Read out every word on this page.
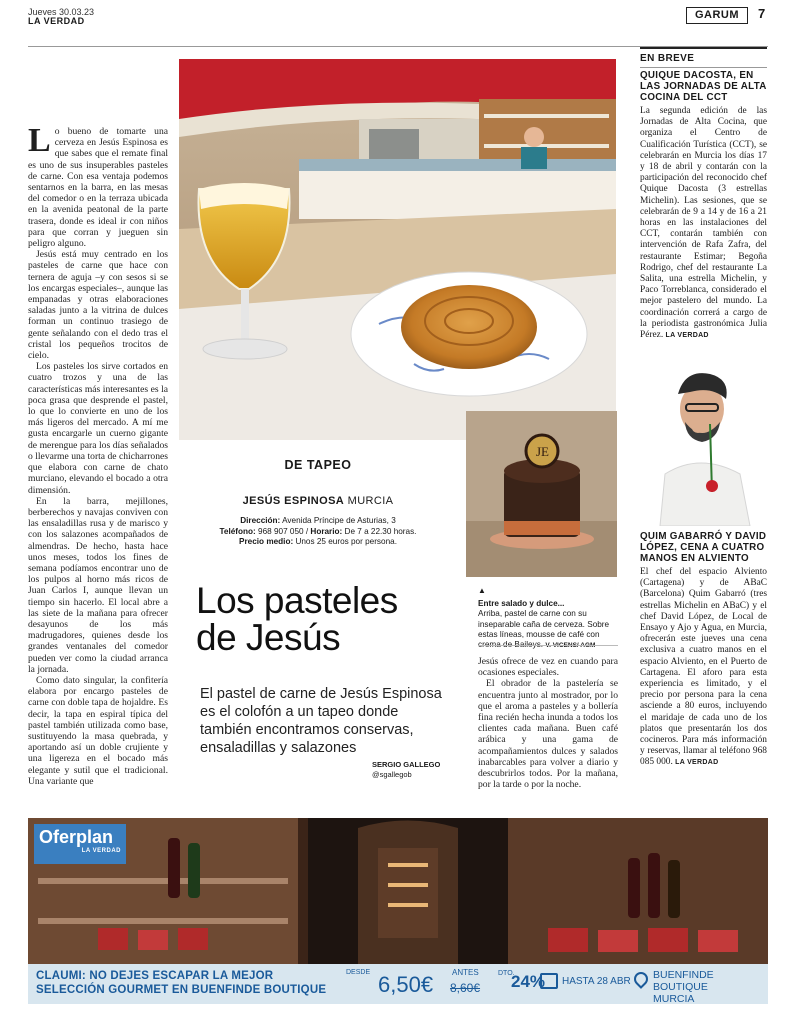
Jueves 30.03.23
LA VERDAD	GARUM	7

Lo bueno de tomarte una cerveza en Jesús Espinosa es que sabes que el remate final es uno de sus insuperables pasteles de carne. Con esa ventaja podemos sentarnos en la barra, en las mesas del comedor o en la terraza ubicada en la avenida peatonal de la parte trasera, donde es ideal ir con niños para que corran y jueguen sin peligro alguno.

Jesús está muy centrado en los pasteles de carne que hace con ternera de aguja –y con sesos si se los encargas especiales–, aunque las empanadas y otras elaboraciones saladas junto a la vitrina de dulces forman un continuo trasiego de gente señalando con el dedo tras el cristal los pequeños trocitos de cielo.

Los pasteles los sirve cortados en cuatro trozos y una de las características más interesantes es la poca grasa que desprende el pastel, lo que lo convierte en uno de los más ligeros del mercado. A mí me gusta encargarle un cuerno gigante de merengue para los días señalados o llevarme una torta de chicharrones que elabora con carne de chato murciano, elevando el bocado a otra dimensión.

En la barra, mejillones, berberechos y navajas conviven con las ensaladillas rusa y de marisco y con los salazones acompañados de almendras. De hecho, hasta hace unos meses, todos los fines de semana podíamos encontrar uno de los pulpos al horno más ricos de Juan Carlos I, aunque llevan un tiempo sin hacerlo. El local abre a las siete de la mañana para ofrecer desayunos de los más madrugadores, quienes desde los grandes ventanales del comedor pueden ver como la ciudad arranca la jornada.

Como dato singular, la confitería elabora por encargo pasteles de carne con doble tapa de hojaldre. Es decir, la tapa en espiral típica del pastel también utilizada como base, sustituyendo la masa quebrada, y aportando así un doble crujiente y una ligereza en el bocado más elegante y sutil que el tradicional. Una variante que

DE TAPEO
JESÚS ESPINOSA MURCIA
Dirección: Avenida Príncipe de Asturias, 3
Teléfono: 968 907 050 / Horario: De 7 a 22.30 horas.
Precio medio: Unos 25 euros por persona.
Los pasteles
de Jesús
El pastel de carne de Jesús Espinosa es el colofón a un tapeo donde también encontramos conservas, ensaladillas y salazones
SERGIO GALLEGO
@sgallegob
JE
▲
Entre salado y dulce...
Arriba, pastel de carne con su inseparable caña de cerveza. Sobre estas líneas, mousse de café con

Jesús ofrece de vez en cuando para ocasiones especiales.

El obrador de la pastelería se encuentra junto al mostrador, por lo que el aroma a pasteles y a bollería fina recién hecha inunda a todos los clientes cada mañana. Buen café arábica y una gama de acompañamientos dulces y salados inabarcables para volver a diario y descubrirlos todos. Por la mañana, por la tarde o por la noche.

EN BREVE
QUIQUE DACOSTA, EN LAS JORNADAS DE ALTA COCINA DEL CCT
La segunda edición de las Jornadas de Alta Cocina, que organiza el Centro de Cualificación Turística (CCT), se celebrarán en Murcia los días 17 y 18 de abril y contarán con la participación del reconocido chef Quique Dacosta (3 estrellas Michelin). Las sesiones, que se celebrarán de 9 a 14 y de 16 a 21 horas en las instalaciones del CCT, contarán también con intervención de Rafa Zafra, del restaurante Estimar; Begoña Rodrigo, chef del restaurante La Salita, una estrella Michelin, y Paco Torreblanca, considerado el mejor pastelero del mundo. La coordinación correrá a cargo de la periodista gastronómica Julia Pérez. LA VERDAD
QUIM GABARRÓ Y DAVID LÓPEZ, CENA A CUATRO MANOS EN ALVIENTO
El chef del espacio Alviento (Cartagena) y de ABaC (Barcelona) Quim Gabarró (tres estrellas Michelin en ABaC) y el chef David López, de Local de Ensayo y Ajo y Agua, en Murcia, ofrecerán este jueves una cena exclusiva a cuatro manos en el espacio Alviento, en el Puerto de Cartagena. El aforo para esta experiencia es limitado, y el precio por persona para la cena asciende a 80 euros, incluyendo el maridaje de cada uno de los platos que presentarán los dos cocineros. Para más información y reservas, llamar al teléfono 968 085 000. LA VERDAD
Oferplan
LA VERDAD
CLAUMI: NO DEJES ESCAPAR LA MEJOR
SELECCIÓN GOURMET EN BUENFINDE BOUTIQUE
DESDE 6,50€ ANTES
8,60€
DTO.
24% HASTA 28 ABR
BUENFINDE BOUTIQUE
MURCIA
